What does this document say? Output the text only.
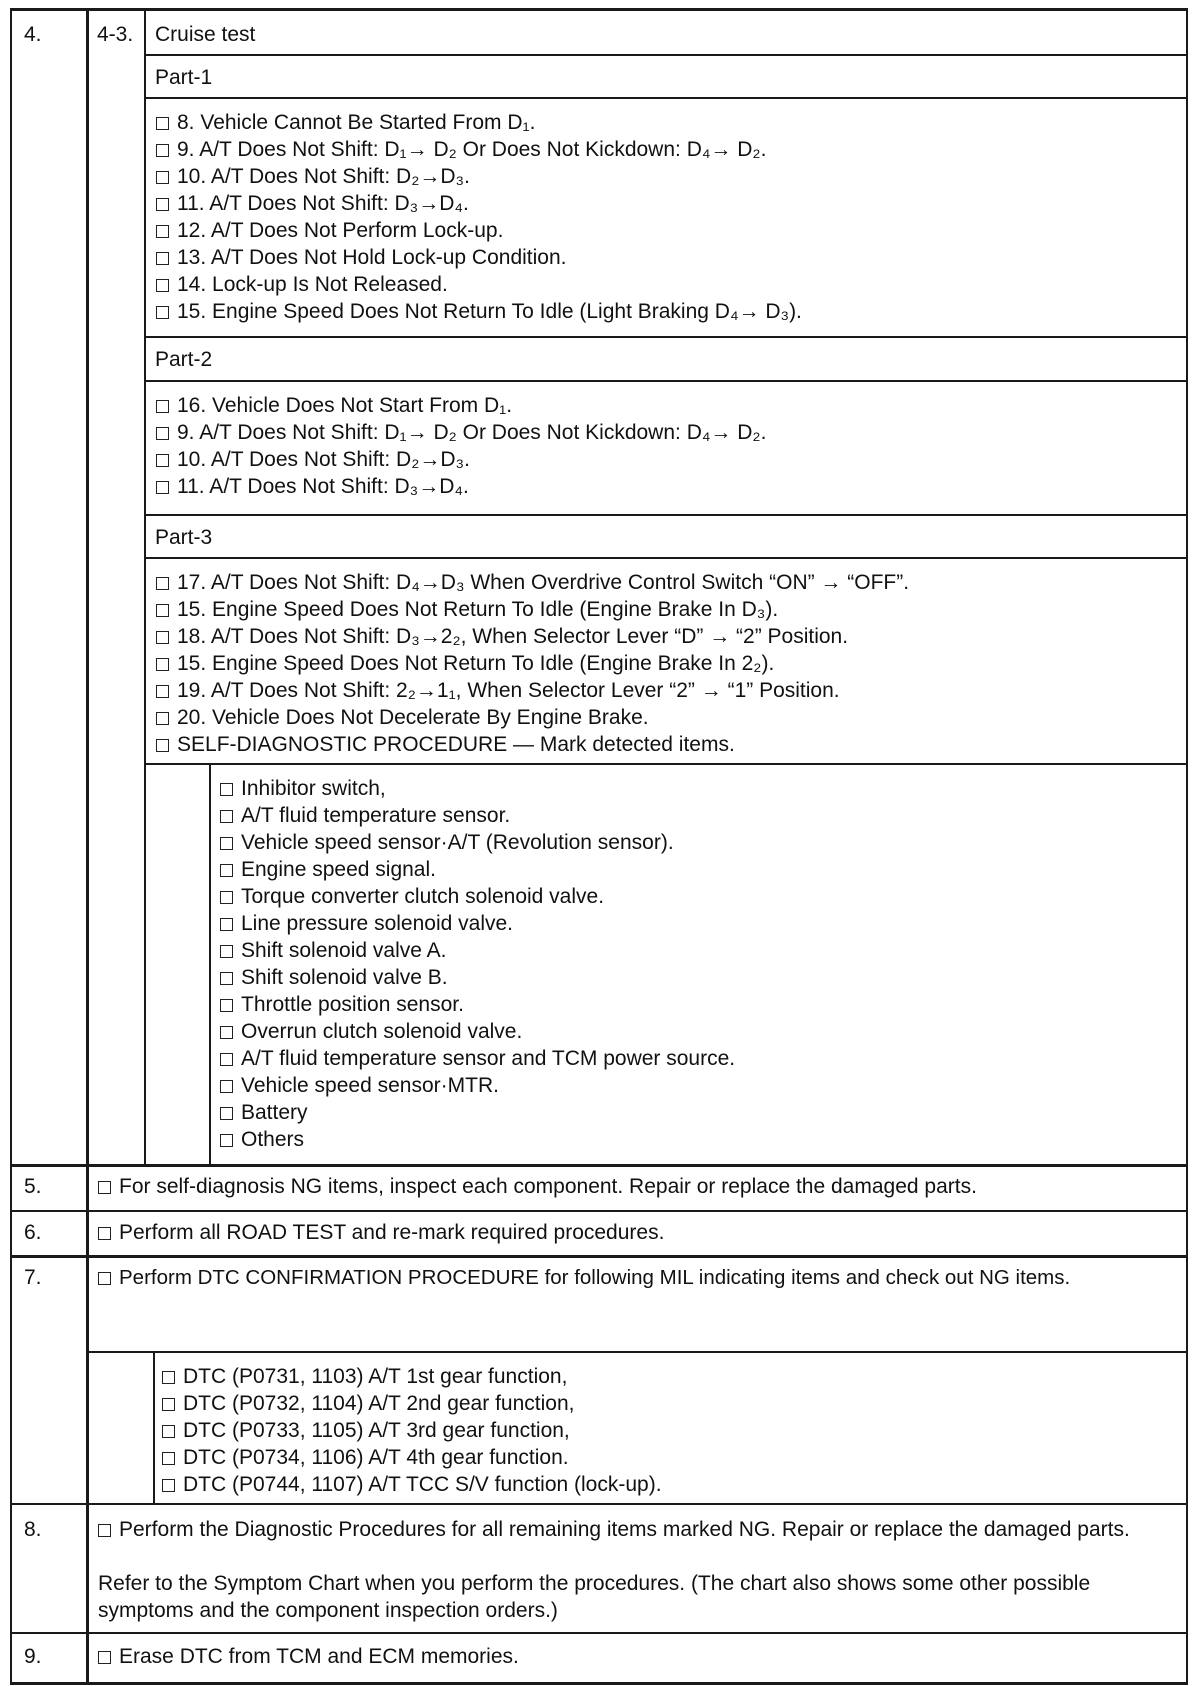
4.	4-3. Cruise test
Part-1
8. Vehicle Cannot Be Started From D₁.
9. A/T Does Not Shift: D₁→ D₂ Or Does Not Kickdown: D₄→ D₂.
10. A/T Does Not Shift: D₂→D₃.
11. A/T Does Not Shift: D₃→D₄.
12. A/T Does Not Perform Lock-up.
13. A/T Does Not Hold Lock-up Condition.
14. Lock-up Is Not Released.
15. Engine Speed Does Not Return To Idle (Light Braking D₄→ D₃).
Part-2
16. Vehicle Does Not Start From D₁.
9. A/T Does Not Shift: D₁→ D₂ Or Does Not Kickdown: D₄→ D₂.
10. A/T Does Not Shift: D₂→D₃.
11. A/T Does Not Shift: D₃→D₄.
Part-3
17. A/T Does Not Shift: D₄→D₃ When Overdrive Control Switch “ON” → “OFF”.
15. Engine Speed Does Not Return To Idle (Engine Brake In D₃).
18. A/T Does Not Shift: D₃→2₂, When Selector Lever “D” → “2” Position.
15. Engine Speed Does Not Return To Idle (Engine Brake In 2₂).
19. A/T Does Not Shift: 2₂→1₁, When Selector Lever “2” → “1” Position.
20. Vehicle Does Not Decelerate By Engine Brake.
SELF-DIAGNOSTIC PROCEDURE — Mark detected items.
Inhibitor switch,
A/T fluid temperature sensor.
Vehicle speed sensor·A/T (Revolution sensor).
Engine speed signal.
Torque converter clutch solenoid valve.
Line pressure solenoid valve.
Shift solenoid valve A.
Shift solenoid valve B.
Throttle position sensor.
Overrun clutch solenoid valve.
A/T fluid temperature sensor and TCM power source.
Vehicle speed sensor·MTR.
Battery
Others
5.	For self-diagnosis NG items, inspect each component. Repair or replace the damaged parts.
6.	Perform all ROAD TEST and re-mark required procedures.
7.	Perform DTC CONFIRMATION PROCEDURE for following MIL indicating items and check out NG items.
DTC (P0731, 1103) A/T 1st gear function,
DTC (P0732, 1104) A/T 2nd gear function,
DTC (P0733, 1105) A/T 3rd gear function,
DTC (P0734, 1106) A/T 4th gear function.
DTC (P0744, 1107) A/T TCC S/V function (lock-up).
8.	Perform the Diagnostic Procedures for all remaining items marked NG. Repair or replace the damaged parts.
Refer to the Symptom Chart when you perform the procedures. (The chart also shows some other possible symptoms and the component inspection orders.)
9.	Erase DTC from TCM and ECM memories.
